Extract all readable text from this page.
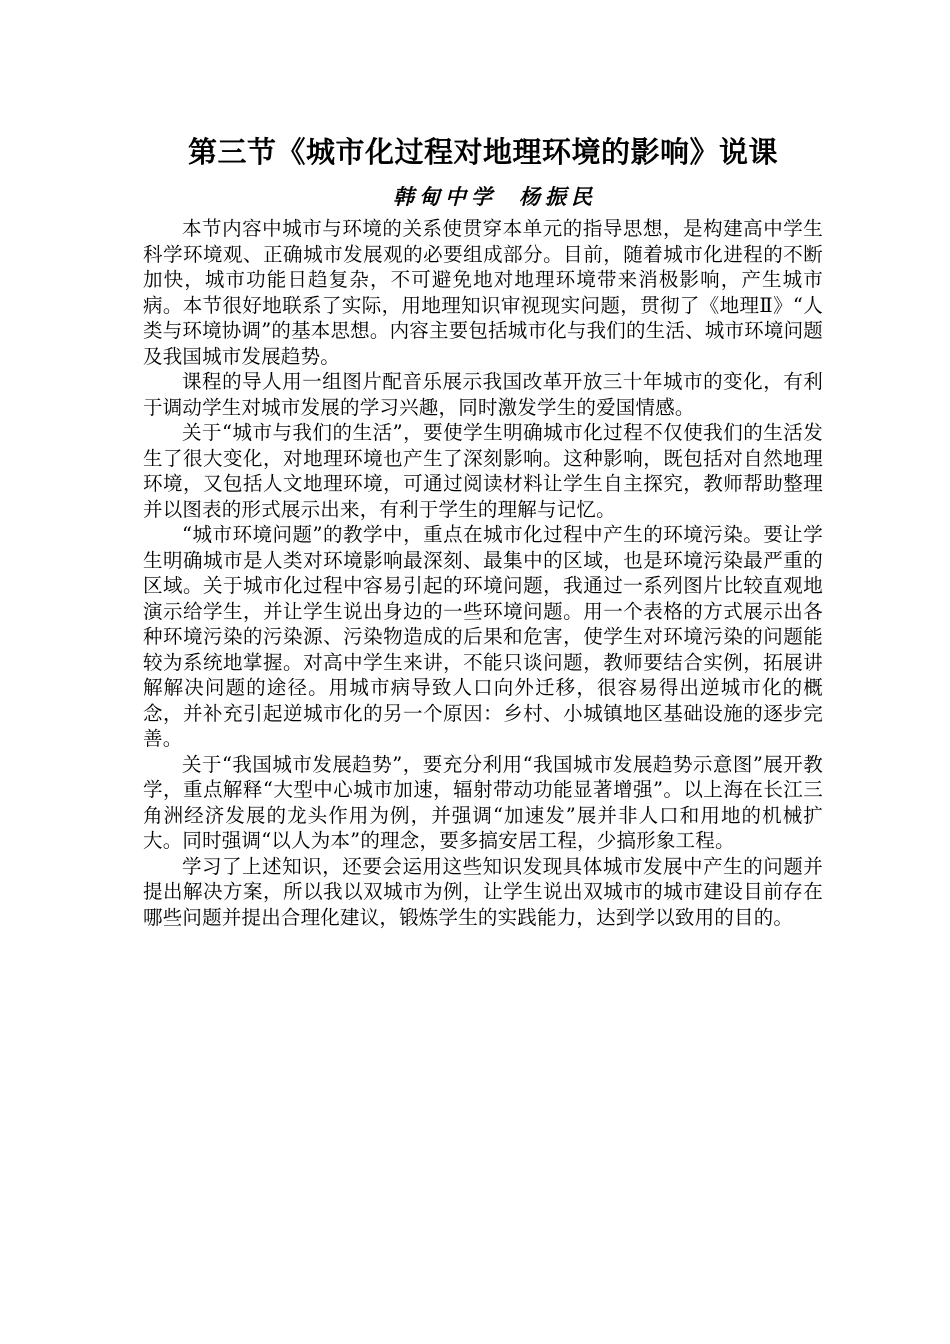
第三节《城市化过程对地理环境的影响》说课
韩甸中学 杨振民

本节内容中城市与环境的关系使贯穿本单元的指导思想，是构建高中学生科学环境观、正确城市发展观的必要组成部分。目前，随着城市化进程的不断加快，城市功能日趋复杂，不可避免地对地理环境带来消极影响，产生城市病。本节很好地联系了实际，用地理知识审视现实问题，贯彻了《地理Ⅱ》“人类与环境协调”的基本思想。内容主要包括城市化与我们的生活、城市环境问题及我国城市发展趋势。

课程的导人用一组图片配音乐展示我国改革开放三十年城市的变化，有利于调动学生对城市发展的学习兴趣，同时激发学生的爱国情感。

关于“城市与我们的生活”，要使学生明确城市化过程不仅使我们的生活发生了很大变化，对地理环境也产生了深刻影响。这种影响，既包括对自然地理环境，又包括人文地理环境，可通过阅读材料让学生自主探究，教师帮助整理并以图表的形式展示出来，有利于学生的理解与记忆。

“城市环境问题”的教学中，重点在城市化过程中产生的环境污染。要让学生明确城市是人类对环境影响最深刻、最集中的区域，也是环境污染最严重的区域。关于城市化过程中容易引起的环境问题，我通过一系列图片比较直观地演示给学生，并让学生说出身边的一些环境问题。用一个表格的方式展示出各种环境污染的污染源、污染物造成的后果和危害，使学生对环境污染的问题能较为系统地掌握。对高中学生来讲，不能只谈问题，教师要结合实例，拓展讲解解决问题的途径。用城市病导致人口向外迁移，很容易得出逆城市化的概念，并补充引起逆城市化的另一个原因：乡村、小城镇地区基础设施的逐步完善。

关于“我国城市发展趋势”，要充分利用“我国城市发展趋势示意图”展开教学，重点解释“大型中心城市加速，辐射带动功能显著增强”。以上海在长江三角洲经济发展的龙头作用为例，并强调“加速发”展并非人口和用地的机械扩大。同时强调“以人为本”的理念，要多搞安居工程，少搞形象工程。

学习了上述知识，还要会运用这些知识发现具体城市发展中产生的问题并提出解决方案，所以我以双城市为例，让学生说出双城市的城市建设目前存在哪些问题并提出合理化建议，锻炼学生的实践能力，达到学以致用的目的。
